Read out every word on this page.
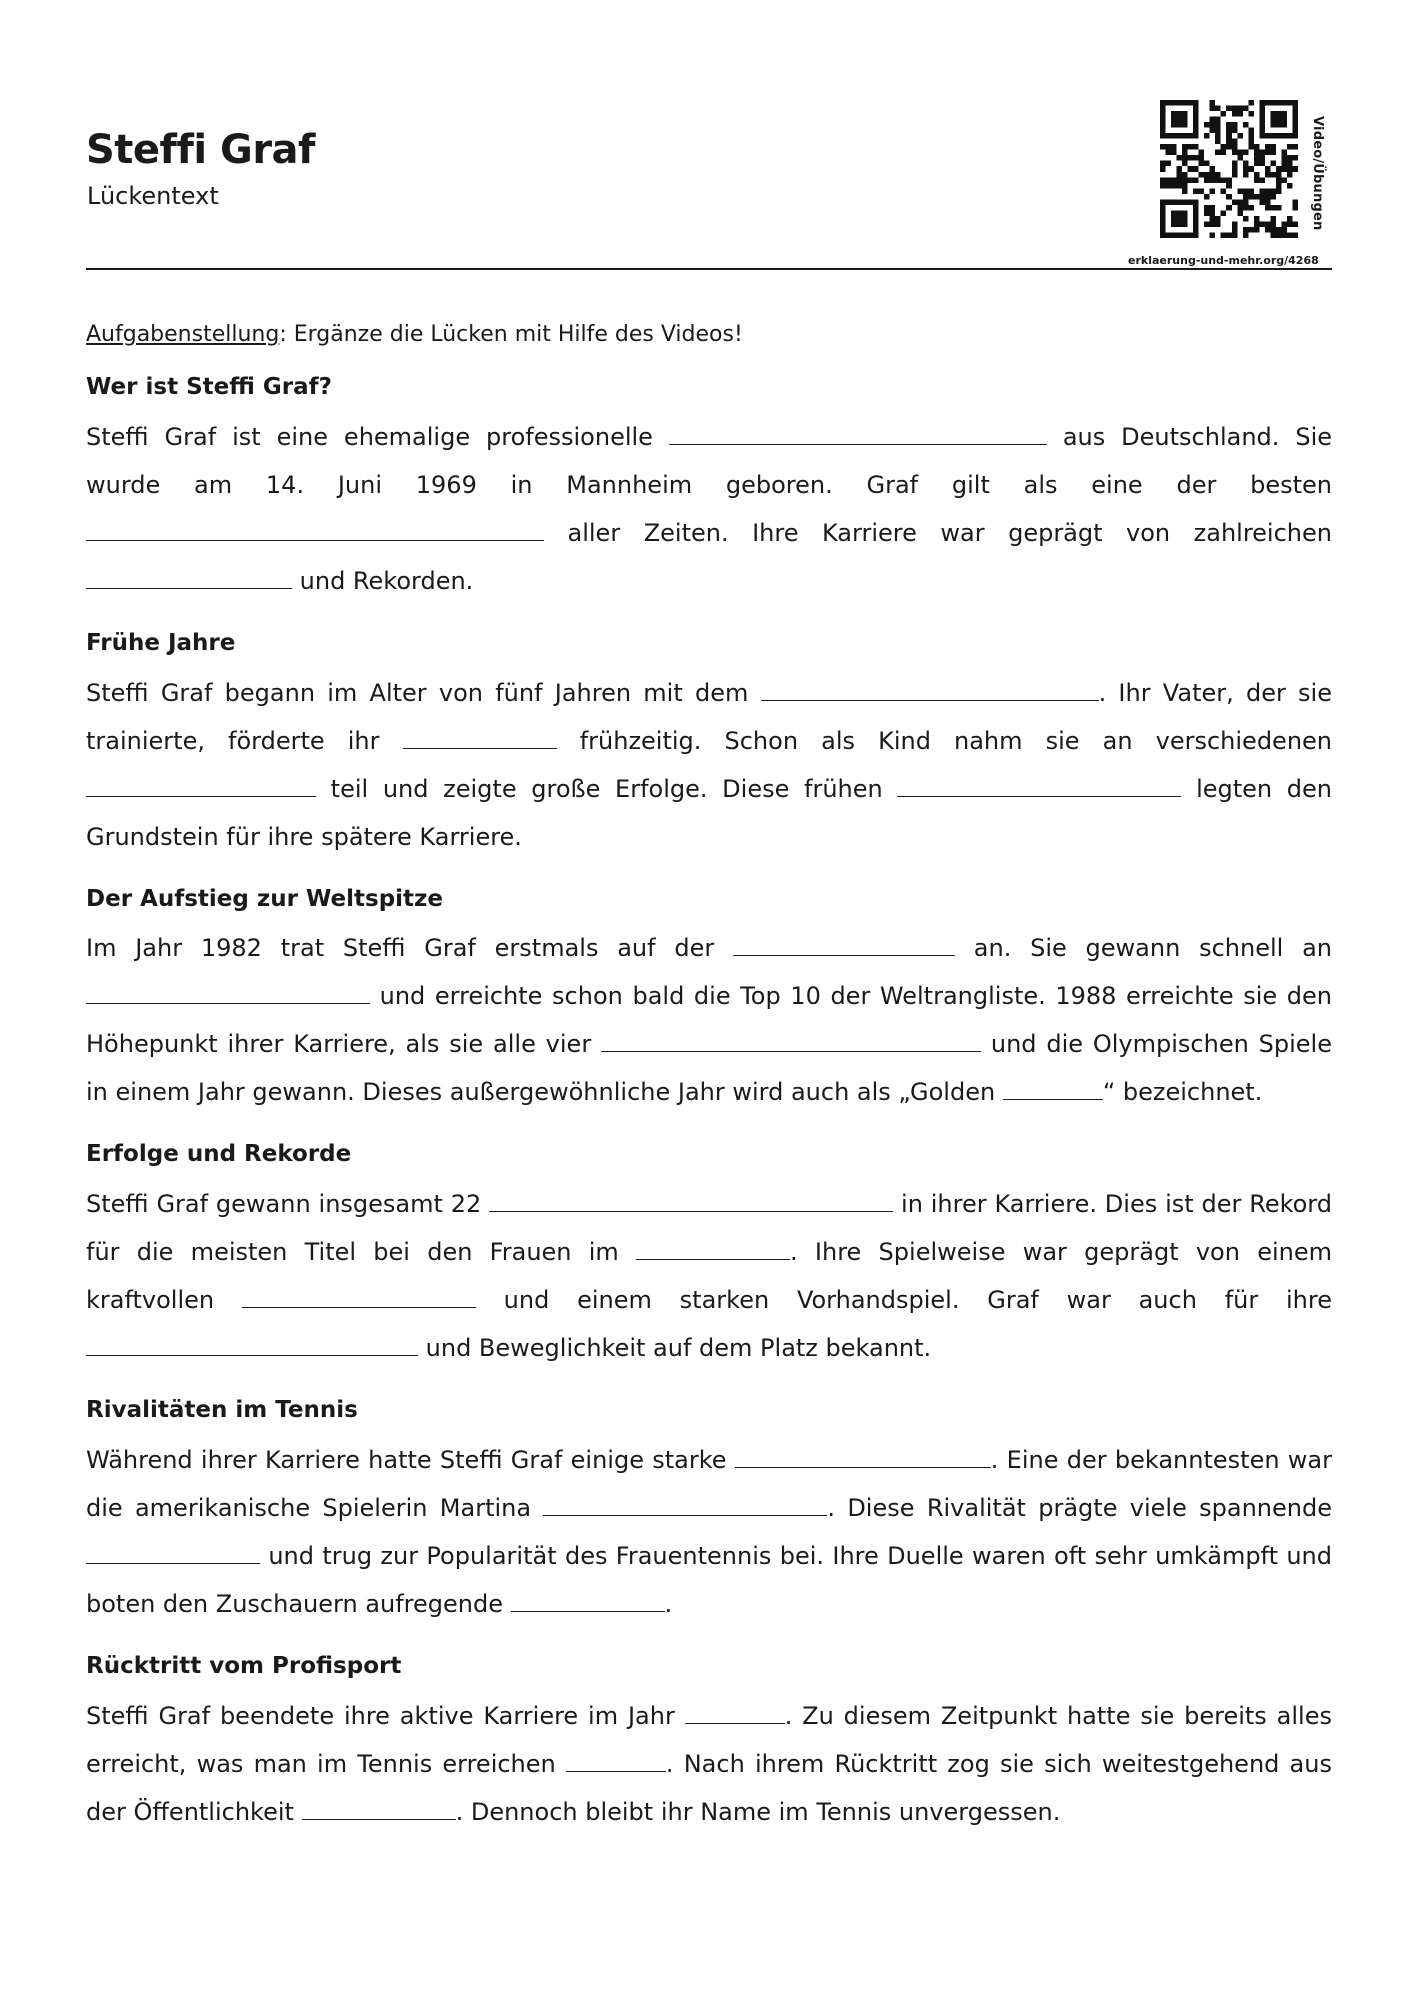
Steffi Graf
Lückentext	Video/Übungen
erklaerung-und-mehr.org/4268

Aufgabenstellung: Ergänze die Lücken mit Hilfe des Videos!

Wer ist Steffi Graf?

Steffi Graf ist eine ehemalige professionelle	aus Deutschland. Sie wurde am 14. Juni 1969 in Mannheim geboren. Graf gilt als eine der besten  aller Zeiten. Ihre Karriere war geprägt von zahlreichen  und Rekorden.

Frühe Jahre

Steffi Graf begann im Alter von fünf Jahren mit dem	. Ihr Vater, der sie trainierte, förderte ihr	frühzeitig. Schon als Kind nahm sie an verschiedenen  teil und zeigte große Erfolge. Diese frühen	legten den Grundstein für ihre spätere Karriere.

Der Aufstieg zur Weltspitze

Im Jahr 1982 trat Steffi Graf erstmals auf der	an. Sie gewann schnell an  und erreichte schon bald die Top 10 der Weltrangliste. 1988 erreichte sie den Höhepunkt ihrer Karriere, als sie alle vier	und die Olympischen Spiele in einem Jahr gewann. Dieses außergewöhnliche Jahr wird auch als „Golden	“ bezeichnet.

Erfolge und Rekorde

Steffi Graf gewann insgesamt 22	in ihrer Karriere. Dies ist der Rekord für die meisten Titel bei den Frauen im	. Ihre Spielweise war geprägt von einem kraftvollen	und einem starken Vorhandspiel. Graf war auch für ihre  und Beweglichkeit auf dem Platz bekannt.

Rivalitäten im Tennis

Während ihrer Karriere hatte Steffi Graf einige starke	. Eine der bekanntesten war die amerikanische Spielerin Martina	. Diese Rivalität prägte viele spannende  und trug zur Popularität des Frauentennis bei. Ihre Duelle waren oft sehr umkämpft und boten den Zuschauern aufregende	.

Rücktritt vom Profisport

Steffi Graf beendete ihre aktive Karriere im Jahr	. Zu diesem Zeitpunkt hatte sie bereits alles erreicht, was man im Tennis erreichen	. Nach ihrem Rücktritt zog sie sich weitestgehend aus der Öffentlichkeit	. Dennoch bleibt ihr Name im Tennis unvergessen.
